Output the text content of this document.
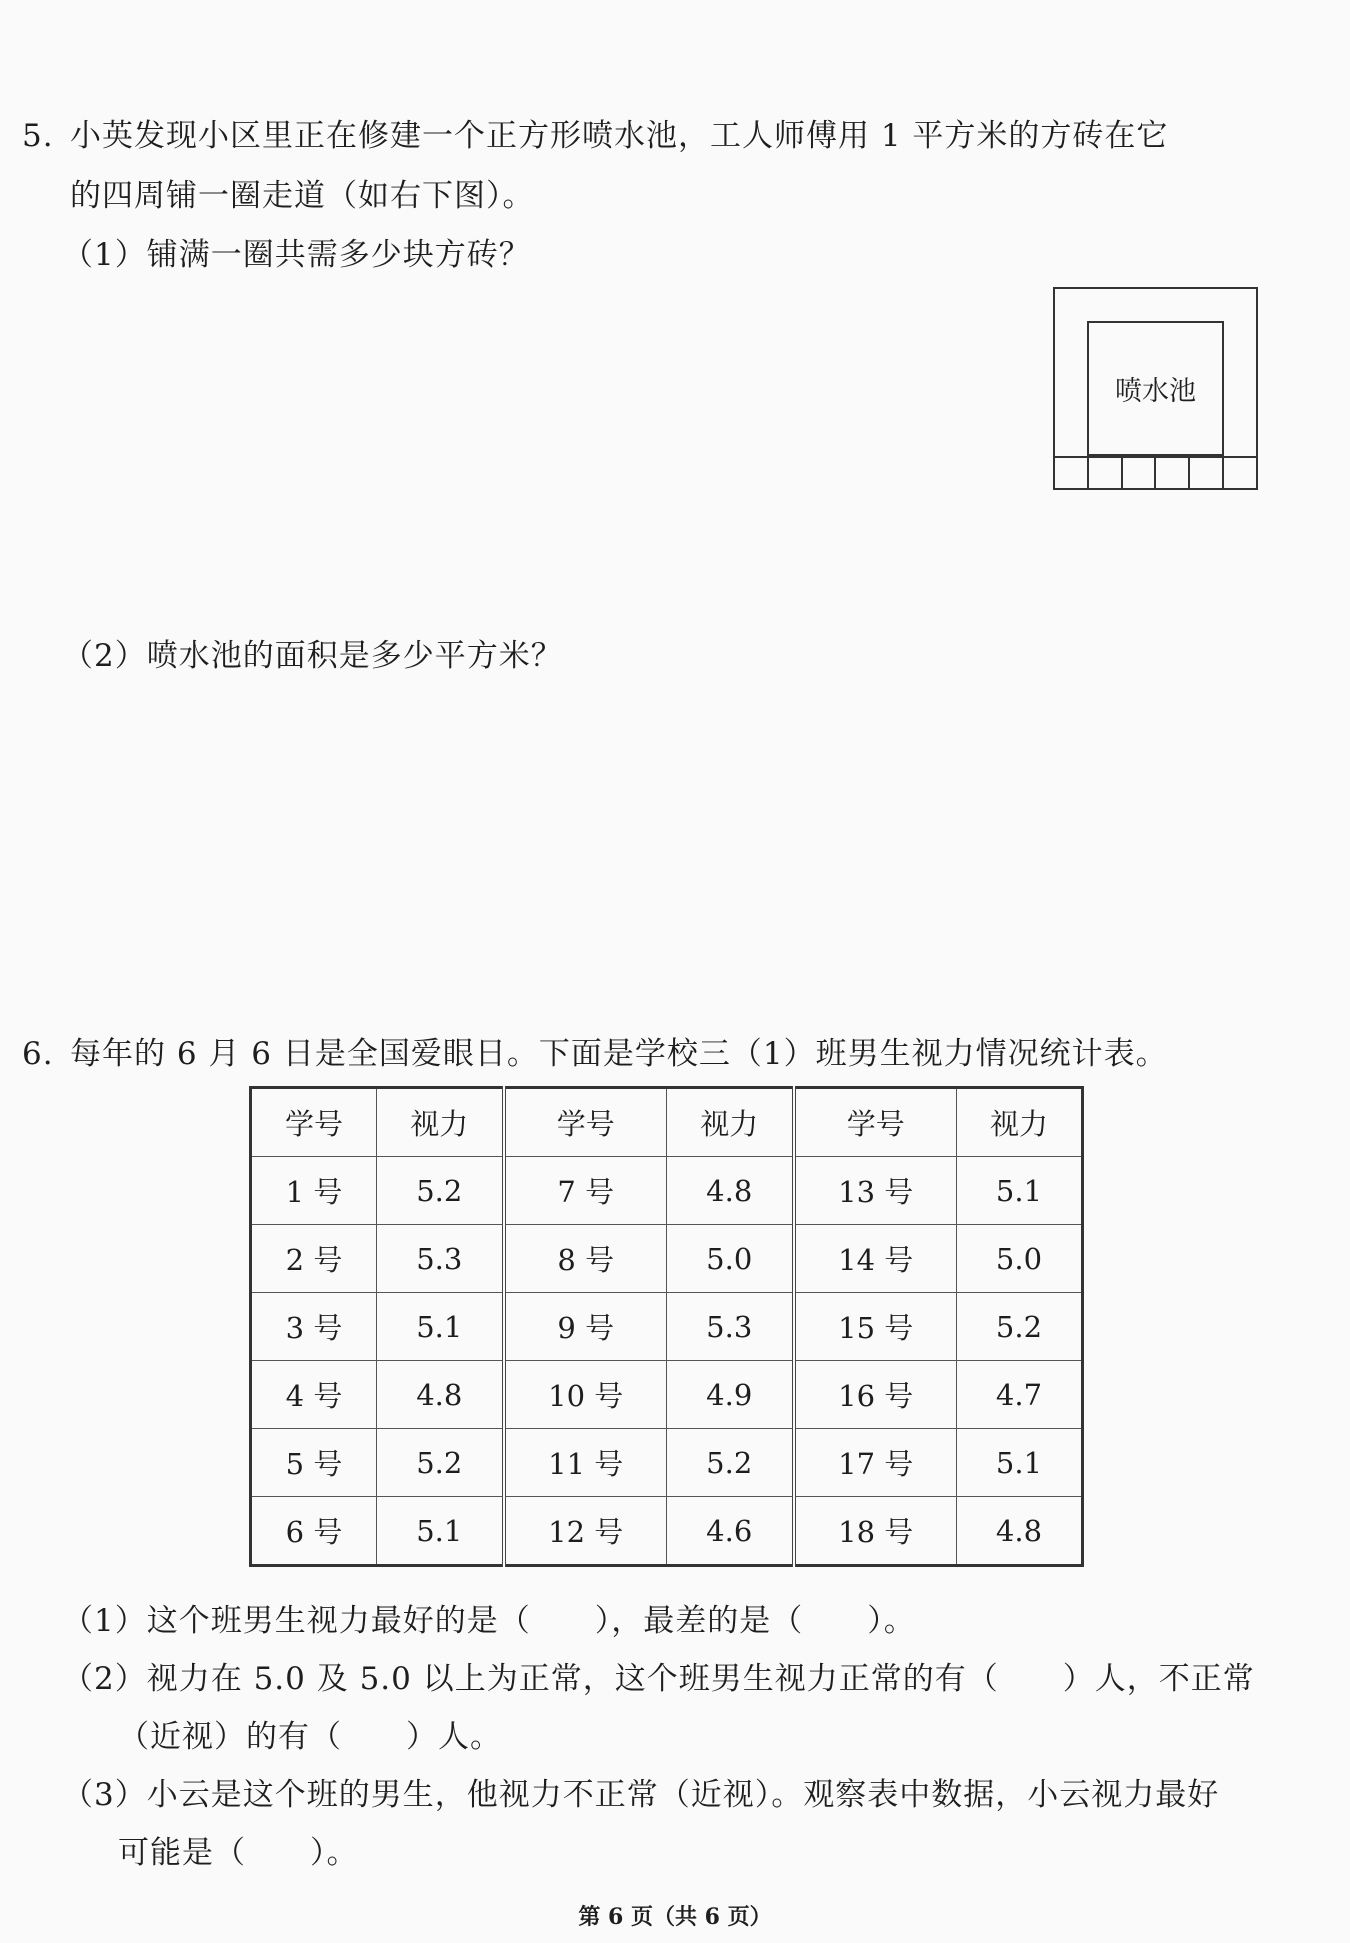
5. 小英发现小区里正在修建一个正方形喷水池，工人师傅用 1 平方米的方砖在它
的四周铺一圈走道（如右下图）。
（1）铺满一圈共需多少块方砖？
喷水池
（2）喷水池的面积是多少平方米？
6. 每年的 6 月 6 日是全国爱眼日。下面是学校三（1）班男生视力情况统计表。
学号	视力	学号	视力	学号	视力
1 号	5.2	7 号	4.8	13 号	5.1
2 号	5.3	8 号	5.0	14 号	5.0
3 号	5.1	9 号	5.3	15 号	5.2
4 号	4.8	10 号	4.9	16 号	4.7
5 号	5.2	11 号	5.2	17 号	5.1
6 号	5.1	12 号	4.6	18 号	4.8
（1）这个班男生视力最好的是（　　），最差的是（　　）。
（2）视力在 5.0 及 5.0 以上为正常，这个班男生视力正常的有（　　）人，不正常
（近视）的有（　　）人。
（3）小云是这个班的男生，他视力不正常（近视）。观察表中数据，小云视力最好
可能是（　　）。
第 6 页（共 6 页）
